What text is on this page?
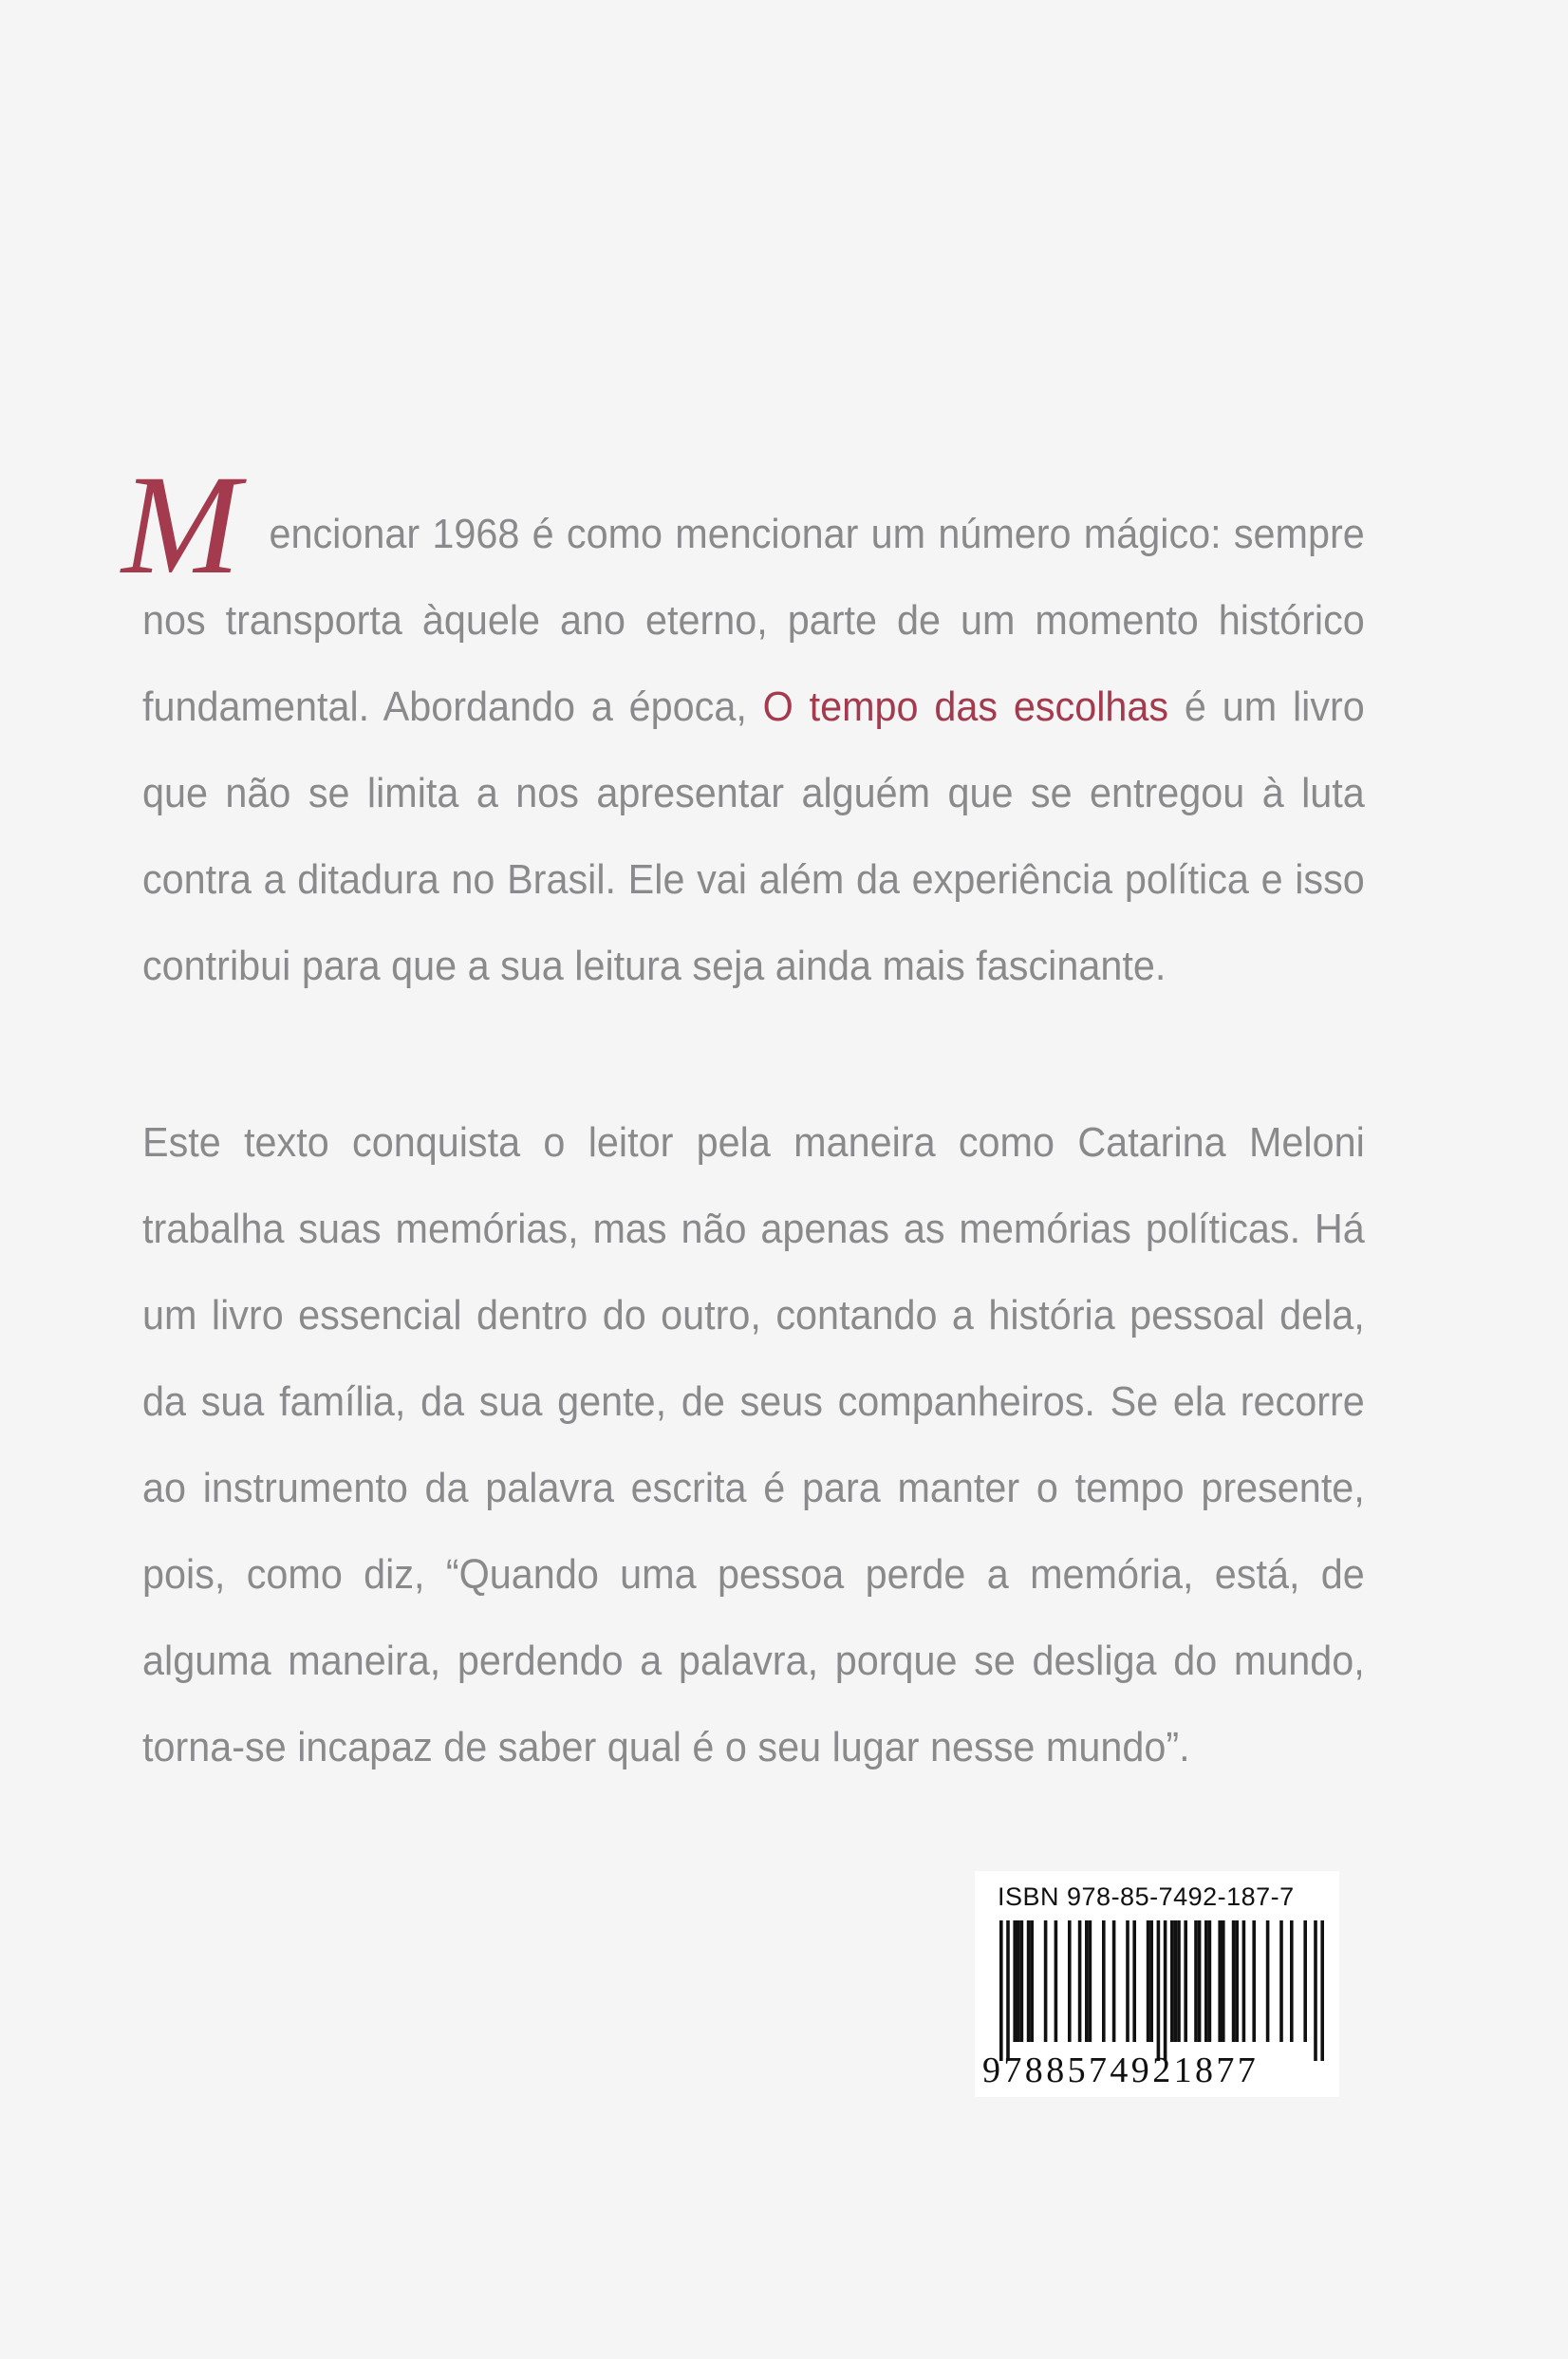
M encionar 1968 é como mencionar um número mágico: sempre nos transporta àquele ano eterno, parte de um momento histórico fundamental. Abordando a época, O tempo das escolhas é um livro que não se limita a nos apresentar alguém que se entregou à luta contra a ditadura no Brasil. Ele vai além da experiência política e isso contribui para que a sua leitura seja ainda mais fascinante.

Este texto conquista o leitor pela maneira como Catarina Meloni trabalha suas memórias, mas não apenas as memórias políticas. Há um livro essencial dentro do outro, contando a história pessoal dela, da sua família, da sua gente, de seus companheiros. Se ela recorre ao instrumento da palavra escrita é para manter o tempo presente, pois, como diz, “Quando uma pessoa perde a memória, está, de alguma maneira, perdendo a palavra, porque se desliga do mundo, torna-se incapaz de saber qual é o seu lugar nesse mundo”.

ISBN 978-85-7492-187-7
9788574921877
